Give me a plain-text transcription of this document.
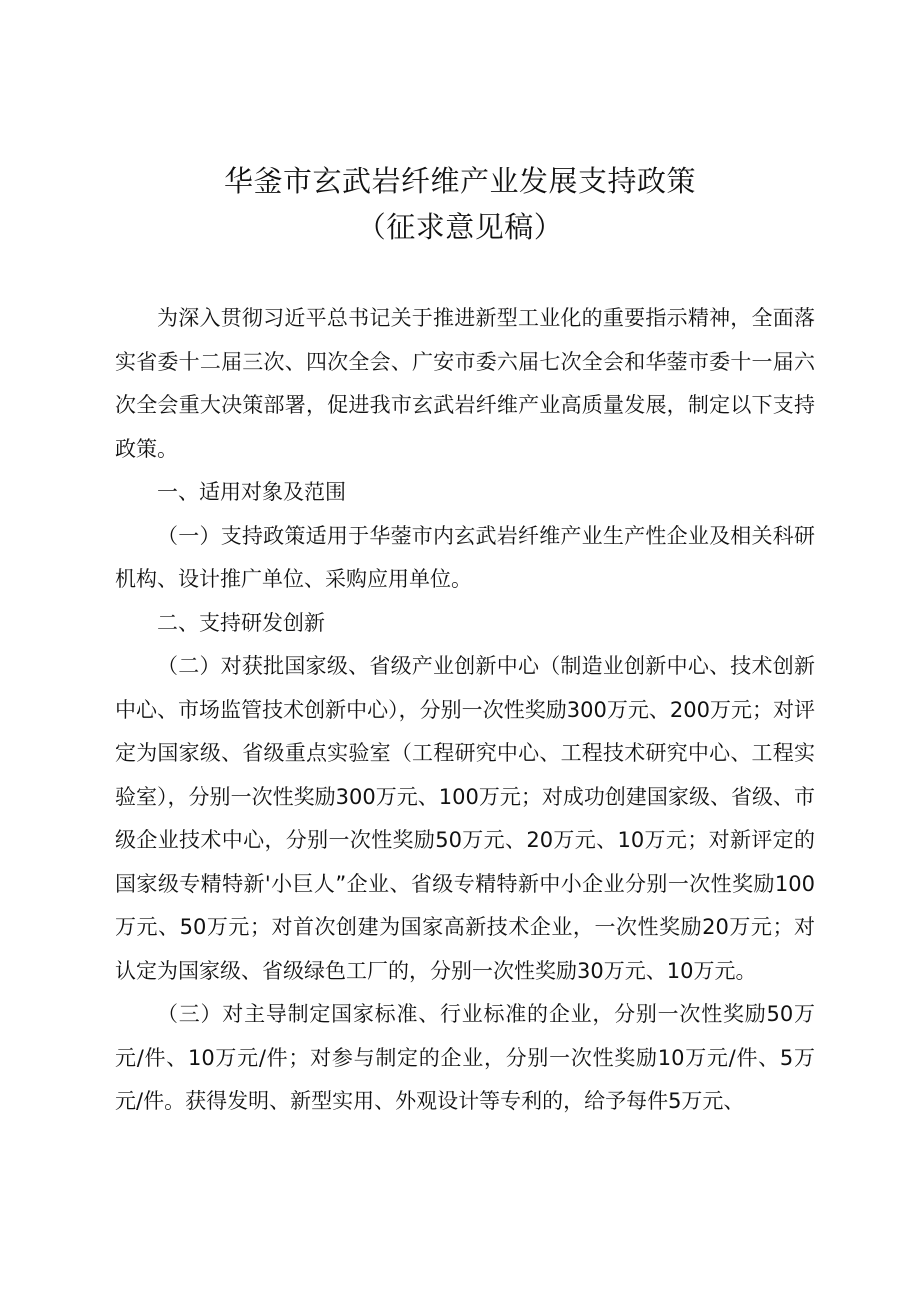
华釜市玄武岩纤维产业发展支持政策
（征求意见稿）

为深入贯彻习近平总书记关于推进新型工业化的重要指示精神，全面落实省委十二届三次、四次全会、广安市委六届七次全会和华蓥市委十一届六次全会重大决策部署，促进我市玄武岩纤维产业高质量发展，制定以下支持政策。

一、适用对象及范围

（一）支持政策适用于华蓥市内玄武岩纤维产业生产性企业及相关科研机构、设计推广单位、采购应用单位。

二、支持研发创新

（二）对获批国家级、省级产业创新中心（制造业创新中心、技术创新中心、市场监管技术创新中心），分别一次性奖励300万元、200万元；对评定为国家级、省级重点实验室（工程研究中心、工程技术研究中心、工程实验室），分别一次性奖励300万元、100万元；对成功创建国家级、省级、市级企业技术中心，分别一次性奖励50万元、20万元、10万元；对新评定的国家级专精特新'小巨人”企业、省级专精特新中小企业分别一次性奖励100万元、50万元；对首次创建为国家高新技术企业，一次性奖励20万元；对认定为国家级、省级绿色工厂的，分别一次性奖励30万元、10万元。

（三）对主导制定国家标准、行业标准的企业，分别一次性奖励50万元/件、10万元/件；对参与制定的企业，分别一次性奖励10万元/件、5万元/件。获得发明、新型实用、外观设计等专利的，给予每件5万元、
